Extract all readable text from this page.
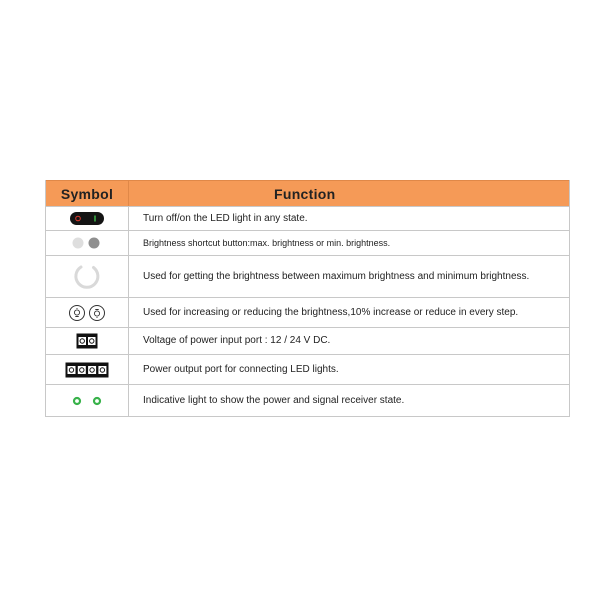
Symbol	Function
Turn off/on the LED light in any state.
Brightness shortcut button:max. brightness or min. brightness.
Used for getting the brightness between maximum brightness and minimum brightness.
Used for increasing or reducing the brightness,10% increase or reduce in every step.
Voltage of power input port : 12 / 24 V DC.
Power output port for connecting LED lights.
Indicative light to show the power and signal receiver state.
